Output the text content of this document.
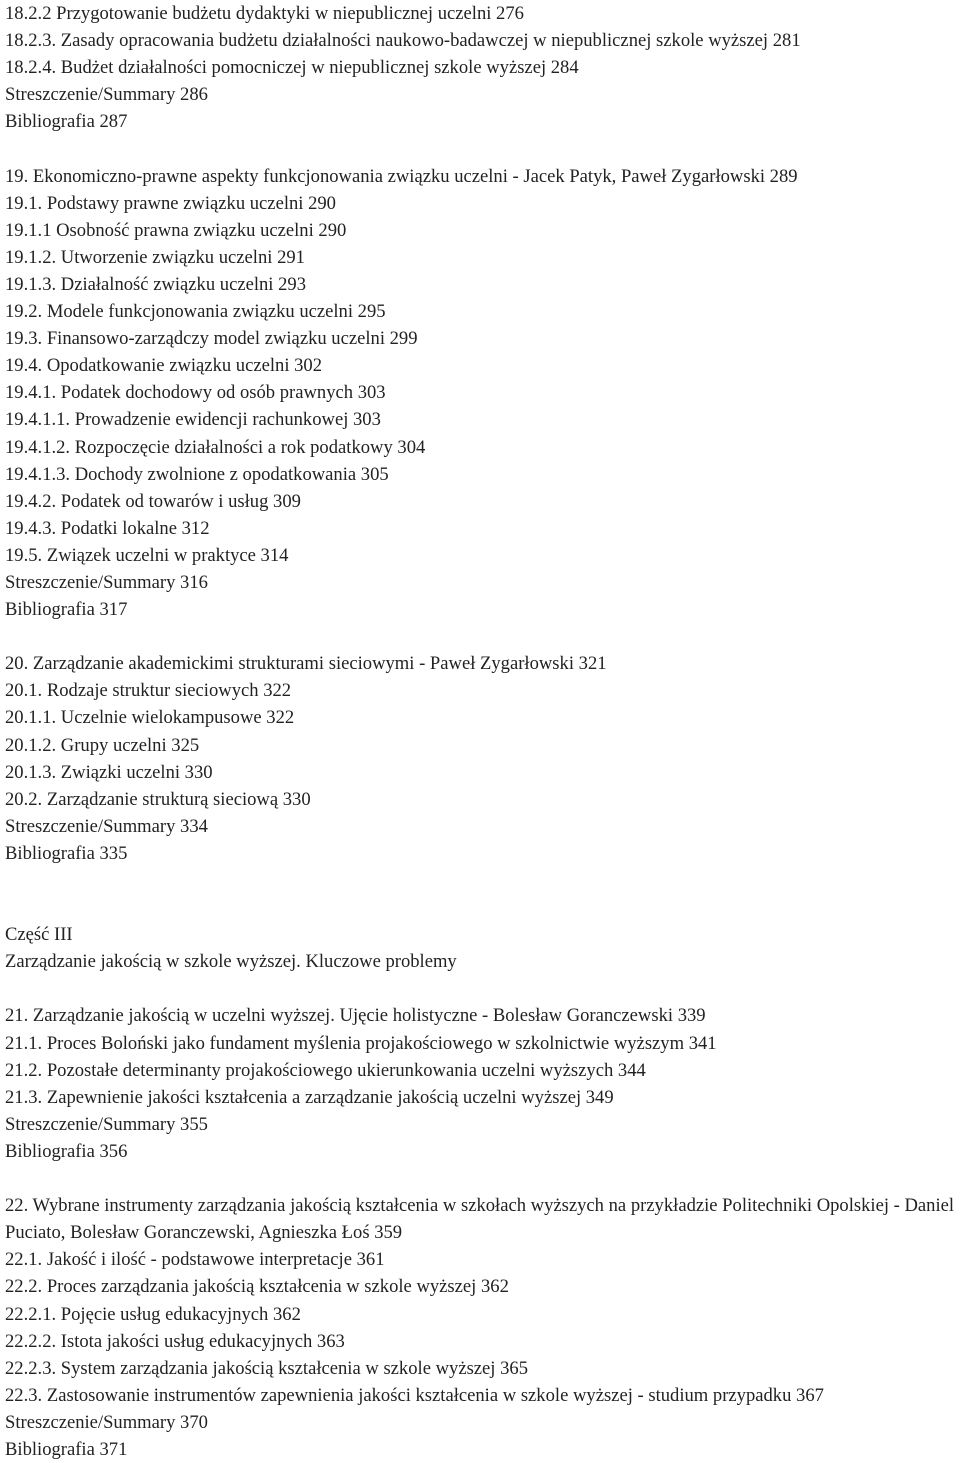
18.2.2 Przygotowanie budżetu dydaktyki w niepublicznej uczelni 276
18.2.3. Zasady opracowania budżetu działalności naukowo-badawczej w niepublicznej szkole wyższej 281
18.2.4. Budżet działalności pomocniczej w niepublicznej szkole wyższej 284
Streszczenie/Summary 286
Bibliografia 287
19. Ekonomiczno-prawne aspekty funkcjonowania związku uczelni - Jacek Patyk, Paweł Zygarłowski 289
19.1. Podstawy prawne związku uczelni 290
19.1.1 Osobność prawna związku uczelni 290
19.1.2. Utworzenie związku uczelni 291
19.1.3. Działalność związku uczelni 293
19.2. Modele funkcjonowania związku uczelni 295
19.3. Finansowo-zarządczy model związku uczelni 299
19.4. Opodatkowanie związku uczelni 302
19.4.1. Podatek dochodowy od osób prawnych 303
19.4.1.1. Prowadzenie ewidencji rachunkowej 303
19.4.1.2. Rozpoczęcie działalności a rok podatkowy 304
19.4.1.3. Dochody zwolnione z opodatkowania 305
19.4.2. Podatek od towarów i usług 309
19.4.3. Podatki lokalne 312
19.5. Związek uczelni w praktyce 314
Streszczenie/Summary 316
Bibliografia 317
20. Zarządzanie akademickimi strukturami sieciowymi - Paweł Zygarłowski 321
20.1. Rodzaje struktur sieciowych 322
20.1.1. Uczelnie wielokampusowe 322
20.1.2. Grupy uczelni 325
20.1.3. Związki uczelni 330
20.2. Zarządzanie strukturą sieciową 330
Streszczenie/Summary 334
Bibliografia 335
Część III
Zarządzanie jakością w szkole wyższej. Kluczowe problemy
21. Zarządzanie jakością w uczelni wyższej. Ujęcie holistyczne - Bolesław Goranczewski 339
21.1. Proces Boloński jako fundament myślenia projakościowego w szkolnictwie wyższym 341
21.2. Pozostałe determinanty projakościowego ukierunkowania uczelni wyższych 344
21.3. Zapewnienie jakości kształcenia a zarządzanie jakością uczelni wyższej 349
Streszczenie/Summary 355
Bibliografia 356
22. Wybrane instrumenty zarządzania jakością kształcenia w szkołach wyższych na przykładzie Politechniki Opolskiej - Daniel Puciato, Bolesław Goranczewski, Agnieszka Łoś 359
22.1. Jakość i ilość - podstawowe interpretacje 361
22.2. Proces zarządzania jakością kształcenia w szkole wyższej 362
22.2.1. Pojęcie usług edukacyjnych 362
22.2.2. Istota jakości usług edukacyjnych 363
22.2.3. System zarządzania jakością kształcenia w szkole wyższej 365
22.3. Zastosowanie instrumentów zapewnienia jakości kształcenia w szkole wyższej - studium przypadku 367
Streszczenie/Summary 370
Bibliografia 371
